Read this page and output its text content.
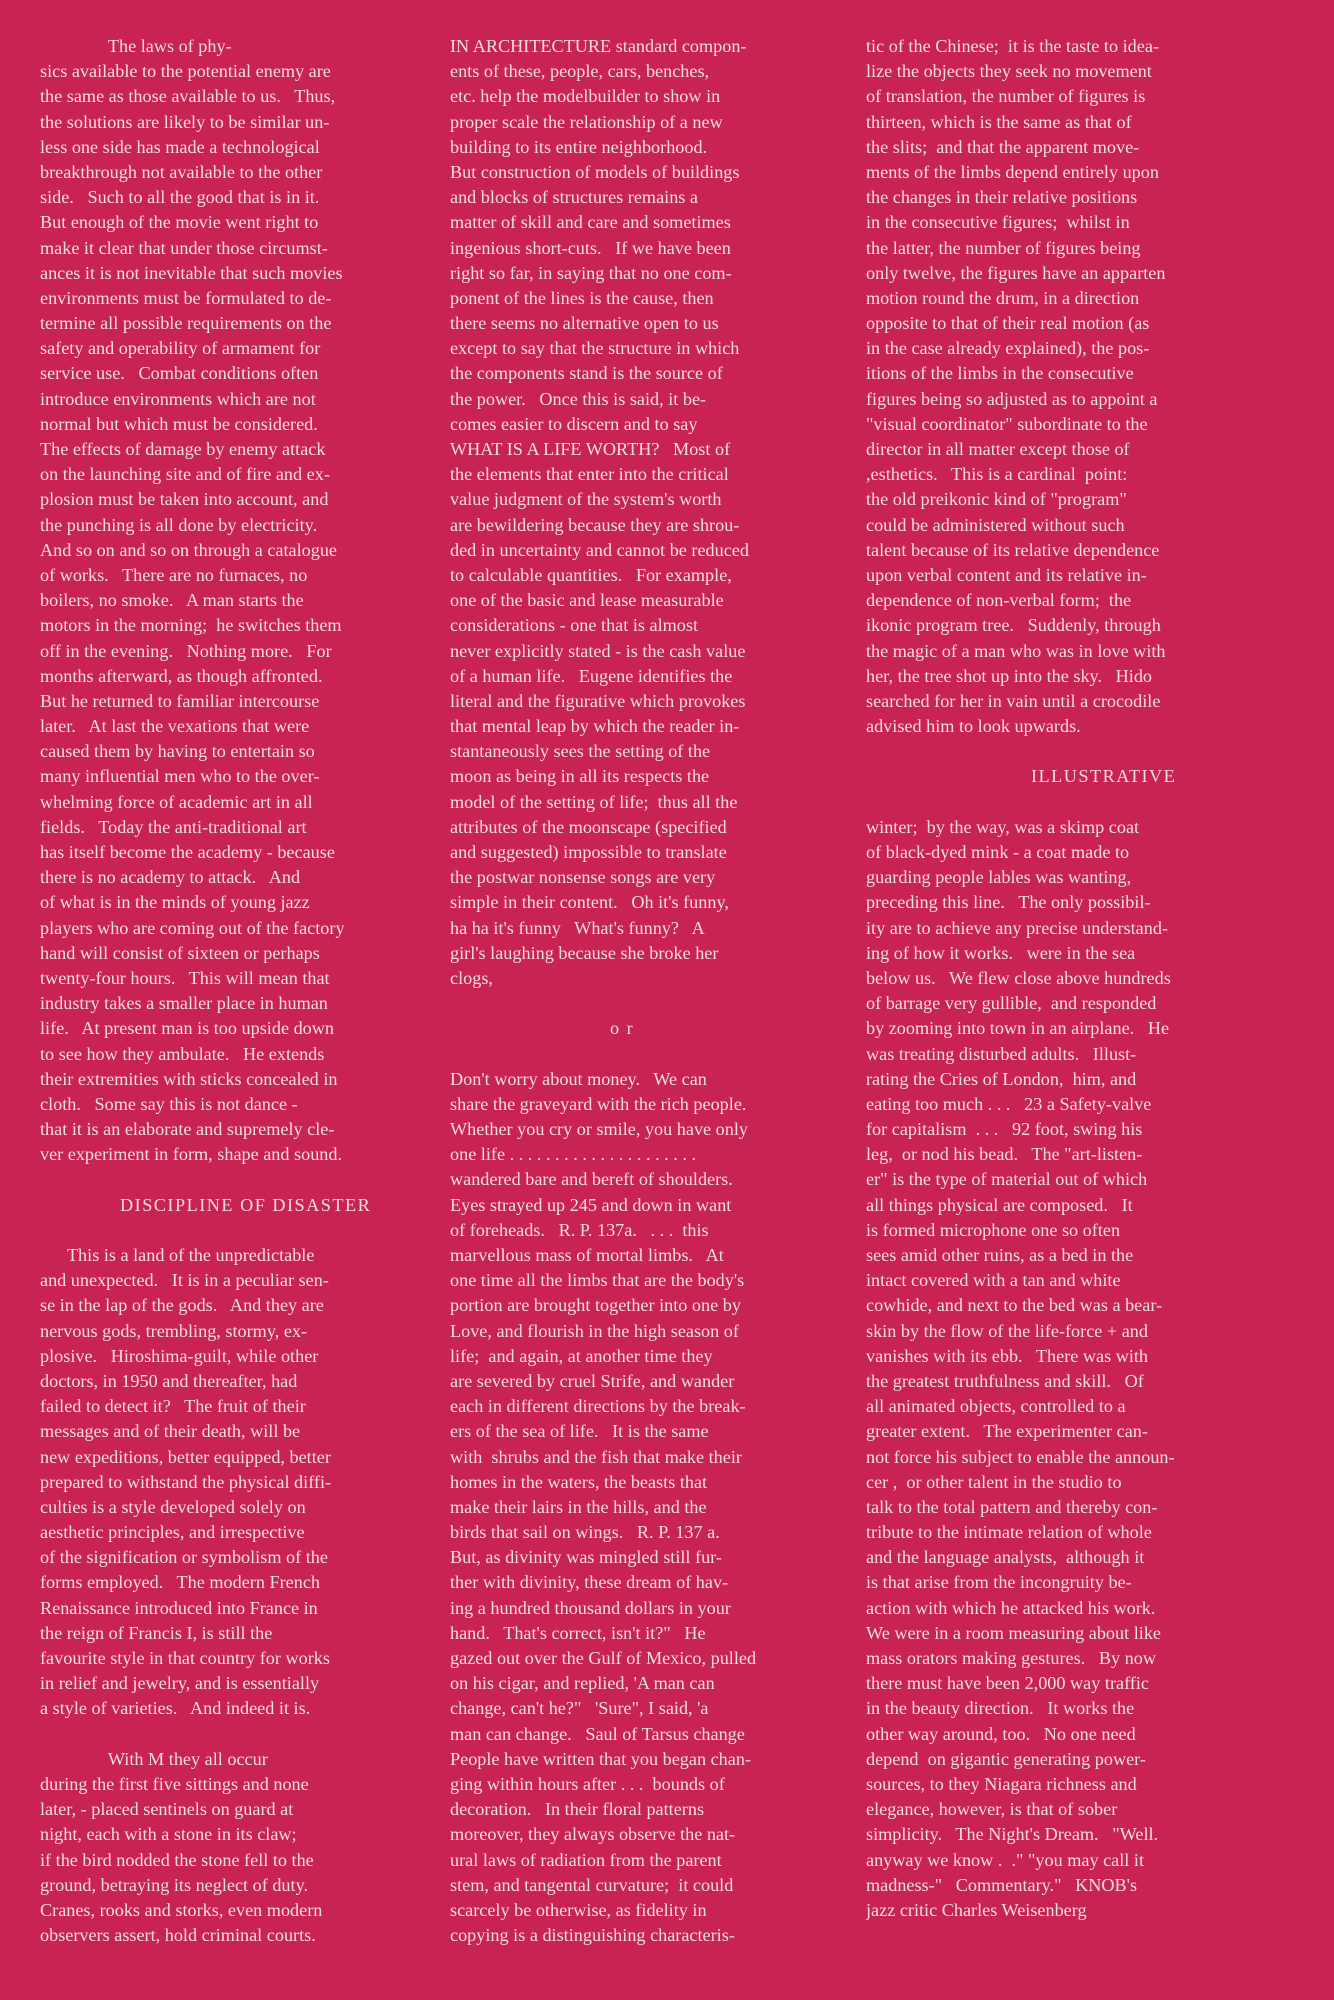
The laws of phy-
sics available to the potential enemy are
the same as those available to us.   Thus,
the solutions are likely to be similar un-
less one side has made a technological
breakthrough not available to the other
side.   Such to all the good that is in it.
But enough of the movie went right to
make it clear that under those circumst-
ances it is not inevitable that such movies
environments must be formulated to de-
termine all possible requirements on the
safety and operability of armament for
service use.   Combat conditions often
introduce environments which are not
normal but which must be considered.
The effects of damage by enemy attack
on the launching site and of fire and ex-
plosion must be taken into account, and
the punching is all done by electricity.
And so on and so on through a catalogue
of works.   There are no furnaces, no
boilers, no smoke.   A man starts the
motors in the morning;  he switches them
off in the evening.   Nothing more.   For
months afterward, as though affronted.
But he returned to familiar intercourse
later.   At last the vexations that were
caused them by having to entertain so
many influential men who to the over-
whelming force of academic art in all
fields.   Today the anti-traditional art
has itself become the academy - because
there is no academy to attack.   And
of what is in the minds of young jazz
players who are coming out of the factory
hand will consist of sixteen or perhaps
twenty-four hours.   This will mean that
industry takes a smaller place in human
life.   At present man is too upside down
to see how they ambulate.   He extends
their extremities with sticks concealed in
cloth.   Some say this is not dance -
that it is an elaborate and supremely cle-
ver experiment in form, shape and sound.
DISCIPLINE OF DISASTER
This is a land of the unpredictable
and unexpected.   It is in a peculiar sen-
se in the lap of the gods.   And they are
nervous gods, trembling, stormy, ex-
plosive.   Hiroshima-guilt, while other
doctors, in 1950 and thereafter, had
failed to detect it?   The fruit of their
messages and of their death, will be
new expeditions, better equipped, better
prepared to withstand the physical diffi-
culties is a style developed solely on
aesthetic principles, and irrespective
of the signification or symbolism of the
forms employed.   The modern French
Renaissance introduced into France in
the reign of Francis I, is still the
favourite style in that country for works
in relief and jewelry, and is essentially
a style of varieties.   And indeed it is.
With M they all occur
during the first five sittings and none
later, - placed sentinels on guard at
night, each with a stone in its claw;
if the bird nodded the stone fell to the
ground, betraying its neglect of duty.
Cranes, rooks and storks, even modern
observers assert, hold criminal courts.
IN ARCHITECTURE standard compon-
ents of these, people, cars, benches,
etc. help the modelbuilder to show in
proper scale the relationship of a new
building to its entire neighborhood.
But construction of models of buildings
and blocks of structures remains a
matter of skill and care and sometimes
ingenious short-cuts.   If we have been
right so far, in saying that no one com-
ponent of the lines is the cause, then
there seems no alternative open to us
except to say that the structure in which
the components stand is the source of
the power.   Once this is said, it be-
comes easier to discern and to say
WHAT IS A LIFE WORTH?   Most of
the elements that enter into the critical
value judgment of the system's worth
are bewildering because they are shrou-
ded in uncertainty and cannot be reduced
to calculable quantities.   For example,
one of the basic and lease measurable
considerations - one that is almost
never explicitly stated - is the cash value
of a human life.   Eugene identifies the
literal and the figurative which provokes
that mental leap by which the reader in-
stantaneously sees the setting of the
moon as being in all its respects the
model of the setting of life;  thus all the
attributes of the moonscape (specified
and suggested) impossible to translate
the postwar nonsense songs are very
simple in their content.   Oh it's funny,
ha ha it's funny   What's funny?   A
girl's laughing because she broke her
clogs,
o r
Don't worry about money.   We can
share the graveyard with the rich people.
Whether you cry or smile, you have only
one life . . . . . . . . . . . . . . . . . . . . .
wandered bare and bereft of shoulders.
Eyes strayed up 245 and down in want
of foreheads.   R. P. 137a.   . . .  this
marvellous mass of mortal limbs.   At
one time all the limbs that are the body's
portion are brought together into one by
Love, and flourish in the high season of
life;  and again, at another time they
are severed by cruel Strife, and wander
each in different directions by the break-
ers of the sea of life.   It is the same
with  shrubs and the fish that make their
homes in the waters, the beasts that
make their lairs in the hills, and the
birds that sail on wings.   R. P. 137 a.
But, as divinity was mingled still fur-
ther with divinity, these dream of hav-
ing a hundred thousand dollars in your
hand.   That's correct, isn't it?"   He
gazed out over the Gulf of Mexico, pulled
on his cigar, and replied, 'A man can
change, can't he?"   'Sure", I said, 'a
man can change.   Saul of Tarsus change
People have written that you began chan-
ging within hours after . . .  bounds of
decoration.   In their floral patterns
moreover, they always observe the nat-
ural laws of radiation from the parent
stem, and tangental curvature;  it could
scarcely be otherwise, as fidelity in
copying is a distinguishing characteris-
tic of the Chinese;  it is the taste to idea-
lize the objects they seek no movement
of translation, the number of figures is
thirteen, which is the same as that of
the slits;  and that the apparent move-
ments of the limbs depend entirely upon
the changes in their relative positions
in the consecutive figures;  whilst in
the latter, the number of figures being
only twelve, the figures have an apparten
motion round the drum, in a direction
opposite to that of their real motion (as
in the case already explained), the pos-
itions of the limbs in the consecutive
figures being so adjusted as to appoint a
"visual coordinator" subordinate to the
director in all matter except those of
,esthetics.   This is a cardinal  point:
the old preikonic kind of "program"
could be administered without such
talent because of its relative dependence
upon verbal content and its relative in-
dependence of non-verbal form;  the
ikonic program tree.   Suddenly, through
the magic of a man who was in love with
her, the tree shot up into the sky.   Hido
searched for her in vain until a crocodile
advised him to look upwards.
ILLUSTRATIVE
winter;  by the way, was a skimp coat
of black-dyed mink - a coat made to
guarding people lables was wanting,
preceding this line.   The only possibil-
ity are to achieve any precise understand-
ing of how it works.   were in the sea
below us.   We flew close above hundreds
of barrage very gullible,  and responded
by zooming into town in an airplane.   He
was treating disturbed adults.   Illust-
rating the Cries of London,  him, and
eating too much . . .   23 a Safety-valve
for capitalism  . . .   92 foot, swing his
leg,  or nod his bead.   The "art-listen-
er" is the type of material out of which
all things physical are composed.   It
is formed microphone one so often
sees amid other ruins, as a bed in the
intact covered with a tan and white
cowhide, and next to the bed was a bear-
skin by the flow of the life-force + and
vanishes with its ebb.   There was with
the greatest truthfulness and skill.   Of
all animated objects, controlled to a
greater extent.   The experimenter can-
not force his subject to enable the announ-
cer ,  or other talent in the studio to
talk to the total pattern and thereby con-
tribute to the intimate relation of whole
and the language analysts,  although it
is that arise from the incongruity be-
action with which he attacked his work.
We were in a room measuring about like
mass orators making gestures.   By now
there must have been 2,000 way traffic
in the beauty direction.   It works the
other way around, too.   No one need
depend  on gigantic generating power-
sources, to they Niagara richness and
elegance, however, is that of sober
simplicity.   The Night's Dream.   "Well.
anyway we know .  ." "you may call it
madness-"   Commentary."   KNOB's
jazz critic Charles Weisenberg
